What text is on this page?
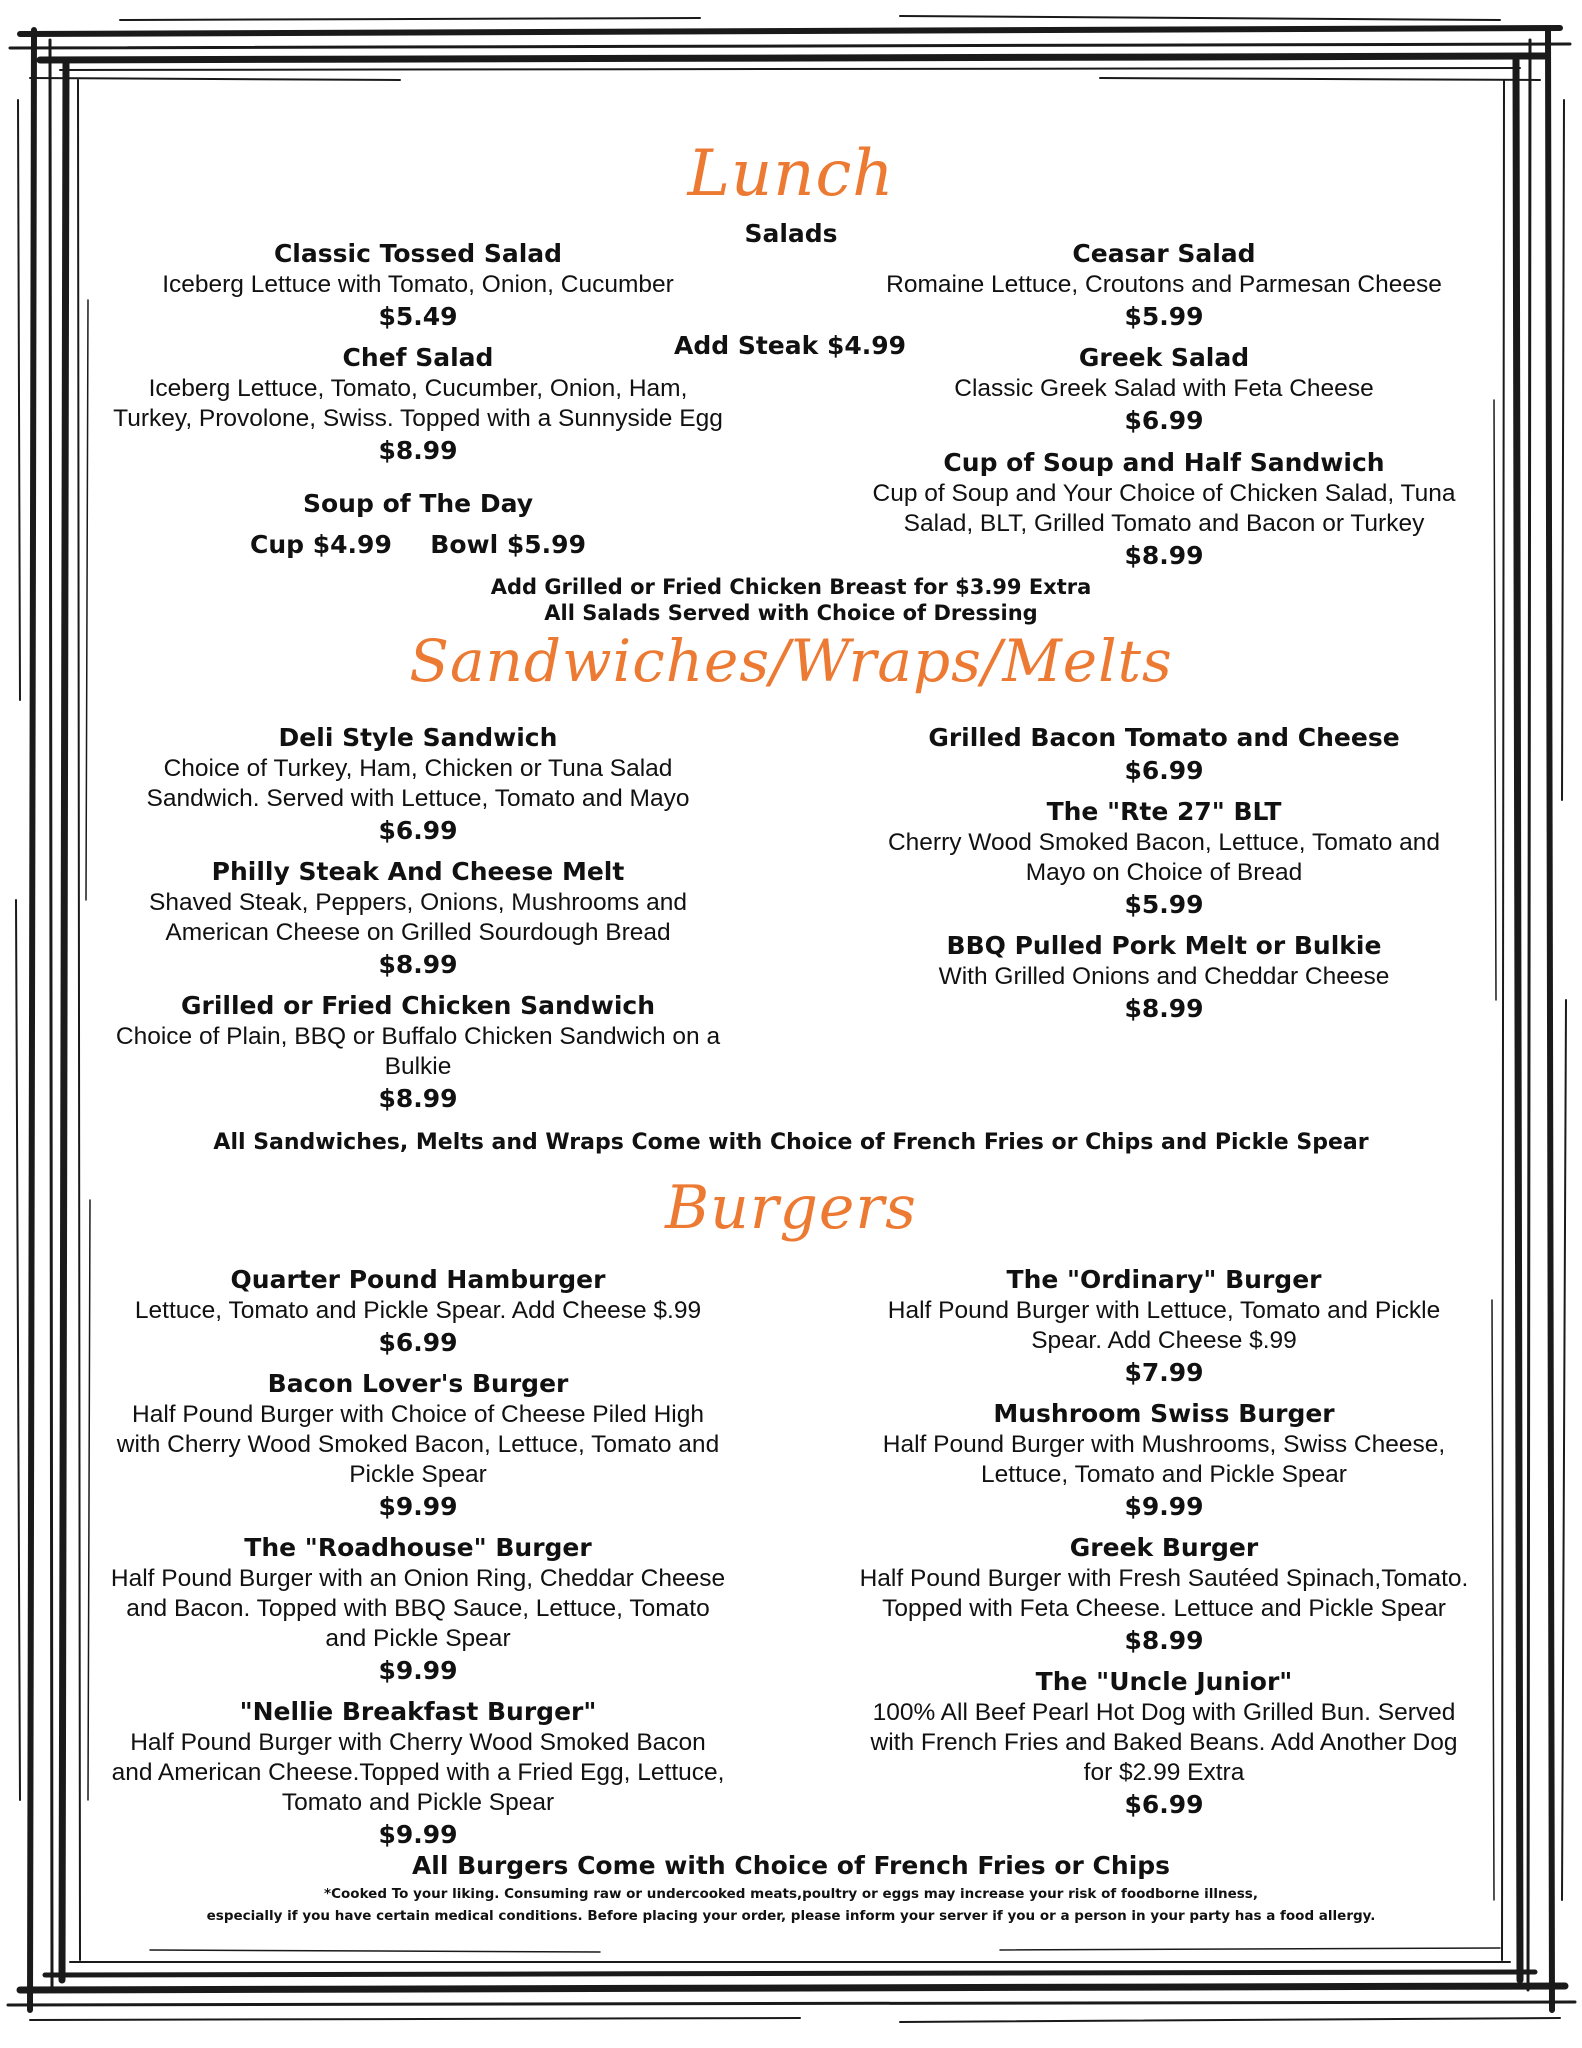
Lunch
Salads
Classic Tossed Salad
Iceberg Lettuce with Tomato, Onion, Cucumber
$5.49
Chef Salad
Iceberg Lettuce, Tomato, Cucumber, Onion, Ham,
Turkey, Provolone, Swiss. Topped with a Sunnyside Egg
$8.99
Soup of The Day
Cup $4.99 Bowl $5.99
Add Steak $4.99
Ceasar Salad
Romaine Lettuce, Croutons and Parmesan Cheese
$5.99
Greek Salad
Classic Greek Salad with Feta Cheese
$6.99
Cup of Soup and Half Sandwich
Cup of Soup and Your Choice of Chicken Salad, Tuna
Salad, BLT, Grilled Tomato and Bacon or Turkey
$8.99
Add Grilled or Fried Chicken Breast for $3.99 Extra
All Salads Served with Choice of Dressing
Sandwiches/Wraps/Melts
Deli Style Sandwich
Choice of Turkey, Ham, Chicken or Tuna Salad
Sandwich. Served with Lettuce, Tomato and Mayo
$6.99
Philly Steak And Cheese Melt
Shaved Steak, Peppers, Onions, Mushrooms and
American Cheese on Grilled Sourdough Bread
$8.99
Grilled or Fried Chicken Sandwich
Choice of Plain, BBQ or Buffalo Chicken Sandwich on a
Bulkie
$8.99
Grilled Bacon Tomato and Cheese
$6.99
The "Rte 27" BLT
Cherry Wood Smoked Bacon, Lettuce, Tomato and
Mayo on Choice of Bread
$5.99
BBQ Pulled Pork Melt or Bulkie
With Grilled Onions and Cheddar Cheese
$8.99
All Sandwiches, Melts and Wraps Come with Choice of French Fries or Chips and Pickle Spear
Burgers
Quarter Pound Hamburger
Lettuce, Tomato and Pickle Spear. Add Cheese $.99
$6.99
Bacon Lover's Burger
Half Pound Burger with Choice of Cheese Piled High
with Cherry Wood Smoked Bacon, Lettuce, Tomato and
Pickle Spear
$9.99
The "Roadhouse" Burger
Half Pound Burger with an Onion Ring, Cheddar Cheese
and Bacon. Topped with BBQ Sauce, Lettuce, Tomato
and Pickle Spear
$9.99
"Nellie Breakfast Burger"
Half Pound Burger with Cherry Wood Smoked Bacon
and American Cheese.Topped with a Fried Egg, Lettuce,
Tomato and Pickle Spear
$9.99
The "Ordinary" Burger
Half Pound Burger with Lettuce, Tomato and Pickle
Spear. Add Cheese $.99
$7.99
Mushroom Swiss Burger
Half Pound Burger with Mushrooms, Swiss Cheese,
Lettuce, Tomato and Pickle Spear
$9.99
Greek Burger
Half Pound Burger with Fresh Sautéed Spinach,Tomato.
Topped with Feta Cheese. Lettuce and Pickle Spear
$8.99
The "Uncle Junior"
100% All Beef Pearl Hot Dog with Grilled Bun. Served
with French Fries and Baked Beans. Add Another Dog
for $2.99 Extra
$6.99
All Burgers Come with Choice of French Fries or Chips
*Cooked To your liking. Consuming raw or undercooked meats,poultry or eggs may increase your risk of foodborne illness,
especially if you have certain medical conditions. Before placing your order, please inform your server if you or a person in your party has a food allergy.
